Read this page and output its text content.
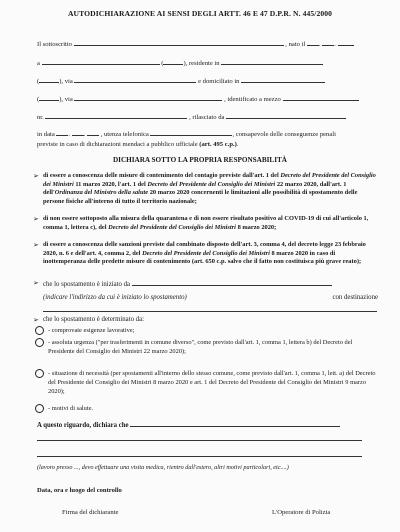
AUTODICHIARAZIONE AI SENSI DEGLI ARTT. 46 E 47 D.P.R. N. 445/2000
Il sottoscritto	, nato il . .
a	(	), residente in
(	), via	e domiciliato in
(	), via	, identificato a mezzo
nr.	, rilasciato da
in data . .  , utenza telefonica	, consapevole delle conseguenze penali
previste in caso di dichiarazioni mendaci a pubblico ufficiale (art. 495 c.p.).
DICHIARA SOTTO LA PROPRIA RESPONSABILITÀ
➢ di essere a conoscenza delle misure di contenimento del contagio previste dall'art. 1 del Decreto del Presidente del Consiglio dei Ministri 11 marzo 2020, l'art. 1 del Decreto del Presidente del Consiglio dei Ministri 22 marzo 2020, dall'art. 1 dell'Ordinanza del Ministro della salute 20 marzo 2020 concernenti le limitazioni alle possibilità di spostamento delle persone fisiche all'interno di tutto il territorio nazionale;
➢ di non essere sottoposto alla misura della quarantena e di non essere risultato positivo al COVID-19 di cui all'articolo 1, comma 1, lettera c), del Decreto del Presidente del Consiglio dei Ministri 8 marzo 2020;
➢ di essere a conoscenza delle sanzioni previste dal combinato disposto dell'art. 3, comma 4, del decreto legge 23 febbraio 2020, n. 6 e dell'art. 4, comma 2, del Decreto del Presidente del Consiglio dei Ministri 8 marzo 2020 in caso di inottemperanza delle predette misure di contenimento (art. 650 c.p. salvo che il fatto non costituisca più grave reato);
➢ che lo spostamento è iniziato da
(indicare l'indirizzo da cui è iniziato lo spostamento)	con destinazione
➢ che lo spostamento è determinato da:
- comprovate esigenze lavorative;
- assoluta urgenza ("per trasferimenti in comune diverso", come previsto dall'art. 1, comma 1, lettera b) del Decreto del Presidente del Consiglio dei Ministri 22 marzo 2020);
- situazione di necessità (per spostamenti all'interno dello stesso comune, come previsto dall'art. 1, comma 1, lett. a) del Decreto del Presidente del Consiglio dei Ministri 8 marzo 2020 e art. 1 del Decreto del Presidente del Consiglio dei Ministri 9 marzo 2020);
- motivi di salute.
A questo riguardo, dichiara che
(lavoro presso ..., devo effettuare una visita medica, rientro dall'estero, altri motivi particolari, etc....)
Data, ora e luogo del controllo
Firma del dichiarante	L'Operatore di Polizia
